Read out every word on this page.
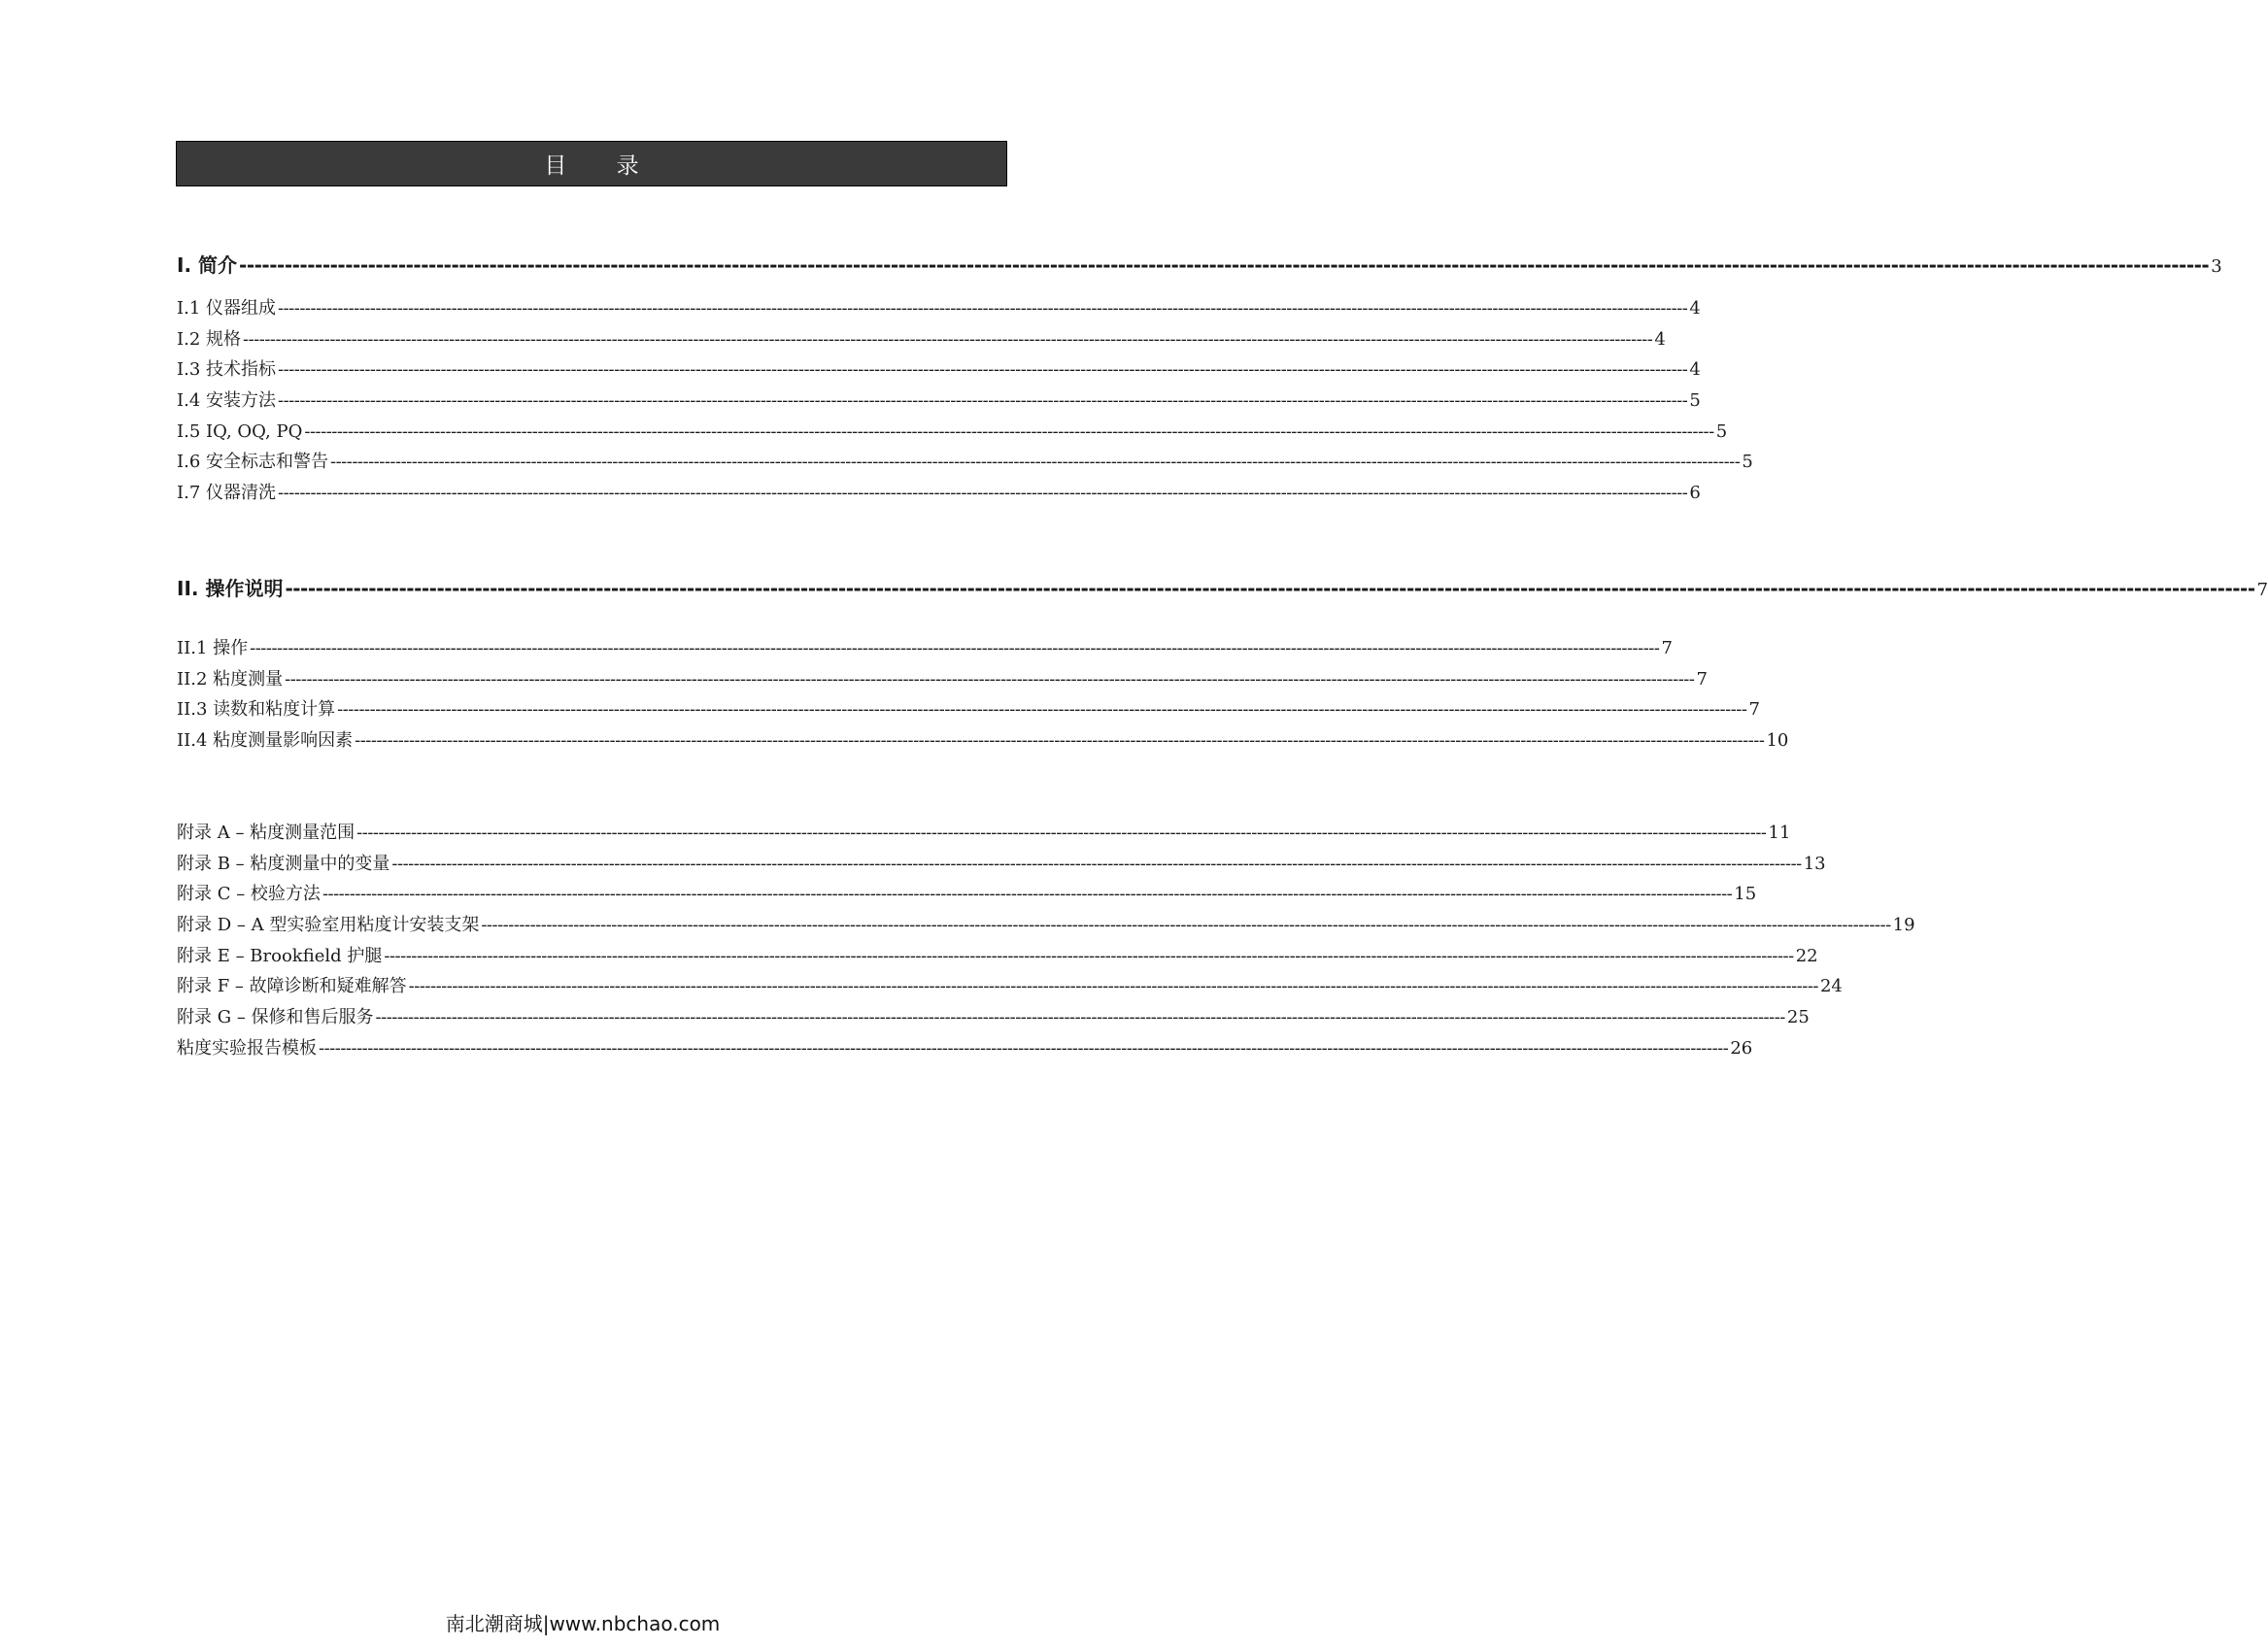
目 录
I. 简介 -------------------------------------------------------------------------------------------------------------------------------------------------------------------------------------------------------------------------------------------------------------------- 3
I.1 仪器组成 -------------------------------------------------------------------------------------------------------------------------------------------------------------------------------------------------------------------------------------------------------------------- 4
I.2 规格 -------------------------------------------------------------------------------------------------------------------------------------------------------------------------------------------------------------------------------------------------------------------- 4
I.3 技术指标 -------------------------------------------------------------------------------------------------------------------------------------------------------------------------------------------------------------------------------------------------------------------- 4
I.4 安装方法 -------------------------------------------------------------------------------------------------------------------------------------------------------------------------------------------------------------------------------------------------------------------- 5
I.5 IQ, OQ, PQ -------------------------------------------------------------------------------------------------------------------------------------------------------------------------------------------------------------------------------------------------------------------- 5
I.6 安全标志和警告 -------------------------------------------------------------------------------------------------------------------------------------------------------------------------------------------------------------------------------------------------------------------- 5
I.7 仪器清洗 -------------------------------------------------------------------------------------------------------------------------------------------------------------------------------------------------------------------------------------------------------------------- 6
II. 操作说明 -------------------------------------------------------------------------------------------------------------------------------------------------------------------------------------------------------------------------------------------------------------------- 7
II.1 操作 -------------------------------------------------------------------------------------------------------------------------------------------------------------------------------------------------------------------------------------------------------------------- 7
II.2 粘度测量 -------------------------------------------------------------------------------------------------------------------------------------------------------------------------------------------------------------------------------------------------------------------- 7
II.3 读数和粘度计算 -------------------------------------------------------------------------------------------------------------------------------------------------------------------------------------------------------------------------------------------------------------------- 7
II.4 粘度测量影响因素 -------------------------------------------------------------------------------------------------------------------------------------------------------------------------------------------------------------------------------------------------------------------- 10
附录 A – 粘度测量范围 -------------------------------------------------------------------------------------------------------------------------------------------------------------------------------------------------------------------------------------------------------------------- 11
附录 B – 粘度测量中的变量 -------------------------------------------------------------------------------------------------------------------------------------------------------------------------------------------------------------------------------------------------------------------- 13
附录 C – 校验方法 -------------------------------------------------------------------------------------------------------------------------------------------------------------------------------------------------------------------------------------------------------------------- 15
附录 D – A 型实验室用粘度计安装支架 -------------------------------------------------------------------------------------------------------------------------------------------------------------------------------------------------------------------------------------------------------------------- 19
附录 E – Brookfield 护腿 -------------------------------------------------------------------------------------------------------------------------------------------------------------------------------------------------------------------------------------------------------------------- 22
附录 F – 故障诊断和疑难解答 -------------------------------------------------------------------------------------------------------------------------------------------------------------------------------------------------------------------------------------------------------------------- 24
附录 G – 保修和售后服务 -------------------------------------------------------------------------------------------------------------------------------------------------------------------------------------------------------------------------------------------------------------------- 25
粘度实验报告模板 -------------------------------------------------------------------------------------------------------------------------------------------------------------------------------------------------------------------------------------------------------------------- 26
南北潮商城|www.nbchao.com
